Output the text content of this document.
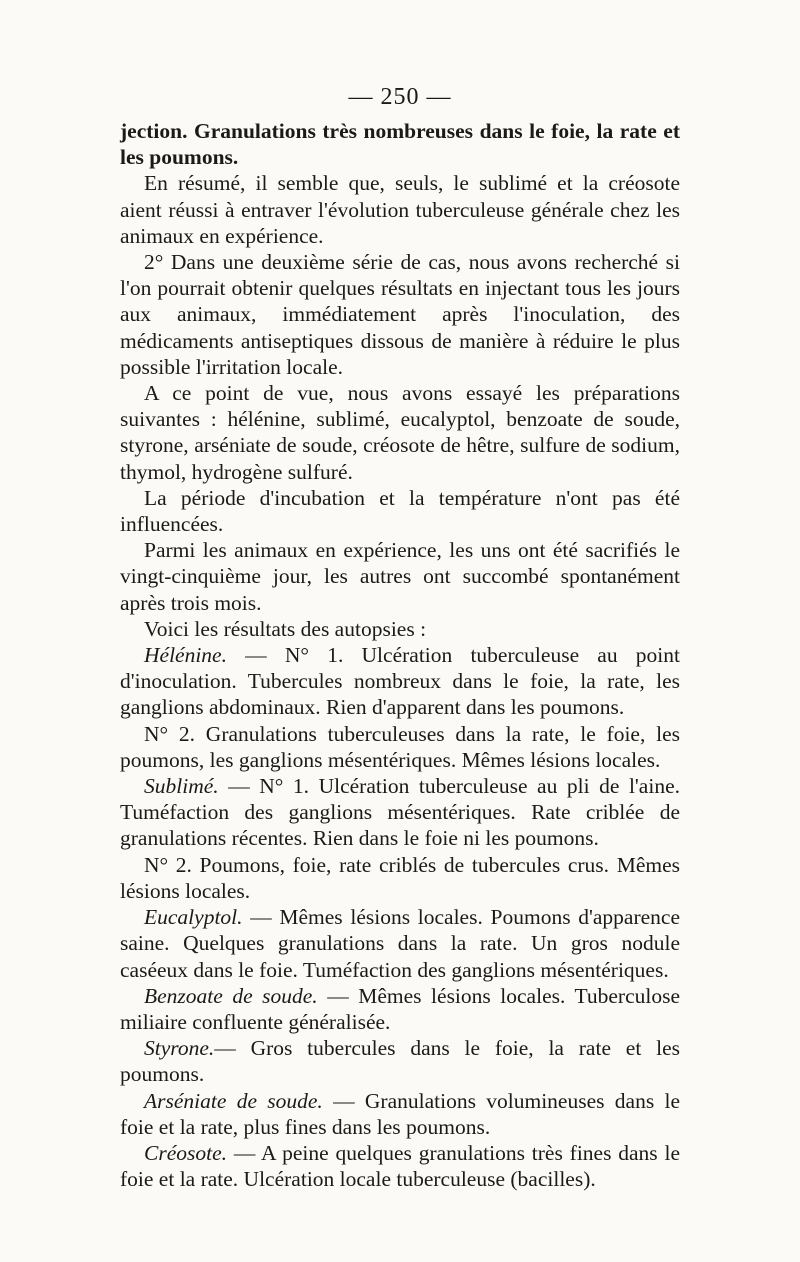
— 250 —

jection. Granulations très nombreuses dans le foie, la rate et les poumons.

En résumé, il semble que, seuls, le sublimé et la créosote aient réussi à entraver l'évolution tuberculeuse générale chez les animaux en expérience.

2° Dans une deuxième série de cas, nous avons recherché si l'on pourrait obtenir quelques résultats en injectant tous les jours aux animaux, immédiatement après l'inoculation, des médicaments antiseptiques dissous de manière à réduire le plus possible l'irritation locale.

A ce point de vue, nous avons essayé les préparations suivantes : hélénine, sublimé, eucalyptol, benzoate de soude, styrone, arséniate de soude, créosote de hêtre, sulfure de sodium, thymol, hydrogène sulfuré.

La période d'incubation et la température n'ont pas été influencées.

Parmi les animaux en expérience, les uns ont été sacrifiés le vingt-cinquième jour, les autres ont succombé spontanément après trois mois.

Voici les résultats des autopsies :

Hélénine. — N° 1. Ulcération tuberculeuse au point d'inoculation. Tubercules nombreux dans le foie, la rate, les ganglions abdominaux. Rien d'apparent dans les poumons.

N° 2. Granulations tuberculeuses dans la rate, le foie, les poumons, les ganglions mésentériques. Mêmes lésions locales.

Sublimé. — N° 1. Ulcération tuberculeuse au pli de l'aine. Tuméfaction des ganglions mésentériques. Rate criblée de granulations récentes. Rien dans le foie ni les poumons.

N° 2. Poumons, foie, rate criblés de tubercules crus. Mêmes lésions locales.

Eucalyptol. — Mêmes lésions locales. Poumons d'apparence saine. Quelques granulations dans la rate. Un gros nodule caséeux dans le foie. Tuméfaction des ganglions mésentériques.

Benzoate de soude. — Mêmes lésions locales. Tuberculose miliaire confluente généralisée.

Styrone.— Gros tubercules dans le foie, la rate et les poumons.

Arséniate de soude. — Granulations volumineuses dans le foie et la rate, plus fines dans les poumons.

Créosote. — A peine quelques granulations très fines dans le foie et la rate. Ulcération locale tuberculeuse (bacilles).
